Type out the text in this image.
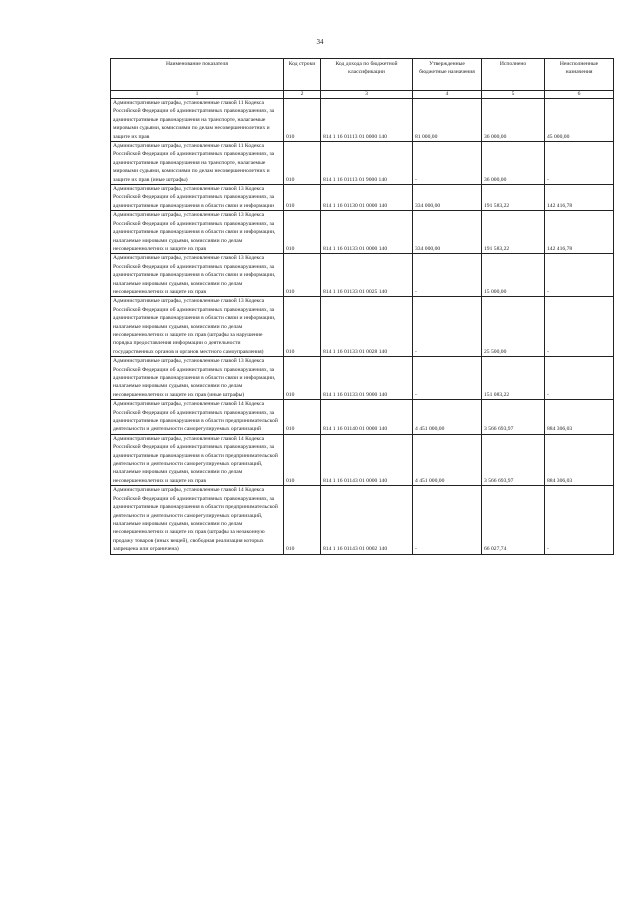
34
Наименование показателя	Код строки	Код дохода по бюджетной классификации	Утвержденные бюджетные назначения	Исполнено	Неисполненные назначения
1	2	3	4	5	6
Административные штрафы, установленные главой 11 Кодекса Российской Федерации об административных правонарушениях, за административные правонарушения на транспорте, налагаемые мировыми судьями, комиссиями по делам несовершеннолетних и защите их прав	010	814 1 16 01113 01 0000 140	81 000,00	36 000,00	45 000,00
Административные штрафы, установленные главой 11 Кодекса Российской Федерации об административных правонарушениях, за административные правонарушения на транспорте, налагаемые мировыми судьями, комиссиями по делам несовершеннолетних и защите их прав (иные штрафы)	010	814 1 16 01113 01 9000 140	-	36 000,00	-
Административные штрафы, установленные главой 13 Кодекса Российской Федерации об административных правонарушениях, за административные правонарушения в области связи и информации	010	814 1 16 01130 01 0000 140	334 000,00	191 583,22	142 416,78
Административные штрафы, установленные главой 13 Кодекса Российской Федерации об административных правонарушениях, за административные правонарушения в области связи и информации, налагаемые мировыми судьями, комиссиями по делам несовершеннолетних и защите их прав	010	814 1 16 01133 01 0000 140	334 000,00	191 583,22	142 416,78
Административные штрафы, установленные главой 13 Кодекса Российской Федерации об административных правонарушениях, за административные правонарушения в области связи и информации, налагаемые мировыми судьями, комиссиями по делам несовершеннолетних и защите их прав	010	814 1 16 01133 01 0025 140	-	15 000,00	-
Административные штрафы, установленные главой 13 Кодекса Российской Федерации об административных правонарушениях, за административные правонарушения в области связи и информации, налагаемые мировыми судьями, комиссиями по делам несовершеннолетних и защите их прав (штрафы за нарушение порядка предоставления информации о деятельности государственных органов и органов местного самоуправления)	010	814 1 16 01133 01 0028 140	-	25 500,00	-
Административные штрафы, установленные главой 13 Кодекса Российской Федерации об административных правонарушениях, за административные правонарушения в области связи и информации, налагаемые мировыми судьями, комиссиями по делам несовершеннолетних и защите их прав (иные штрафы)	010	814 1 16 01133 01 9000 140	-	151 083,22	-
Административные штрафы, установленные главой 14 Кодекса Российской Федерации об административных правонарушениях, за административные правонарушения в области предпринимательской деятельности и деятельности саморегулируемых организаций	010	814 1 16 01140 01 0000 140	4 451 000,00	3 566 693,97	884 306,03
Административные штрафы, установленные главой 14 Кодекса Российской Федерации об административных правонарушениях, за административные правонарушения в области предпринимательской деятельности и деятельности саморегулируемых организаций, налагаемые мировыми судьями, комиссиями по делам несовершеннолетних и защите их прав	010	814 1 16 01143 01 0000 140	4 451 000,00	3 566 693,97	884 306,03
Административные штрафы, установленные главой 14 Кодекса Российской Федерации об административных правонарушениях, за административные правонарушения в области предпринимательской деятельности и деятельности саморегулируемых организаций, налагаемые мировыми судьями, комиссиями по делам несовершеннолетних и защите их прав (штрафы за незаконную продажу товаров (иных вещей), свободная реализация которых запрещена или ограничена)	010	814 1 16 01143 01 0002 140	-	66 027,74	-
